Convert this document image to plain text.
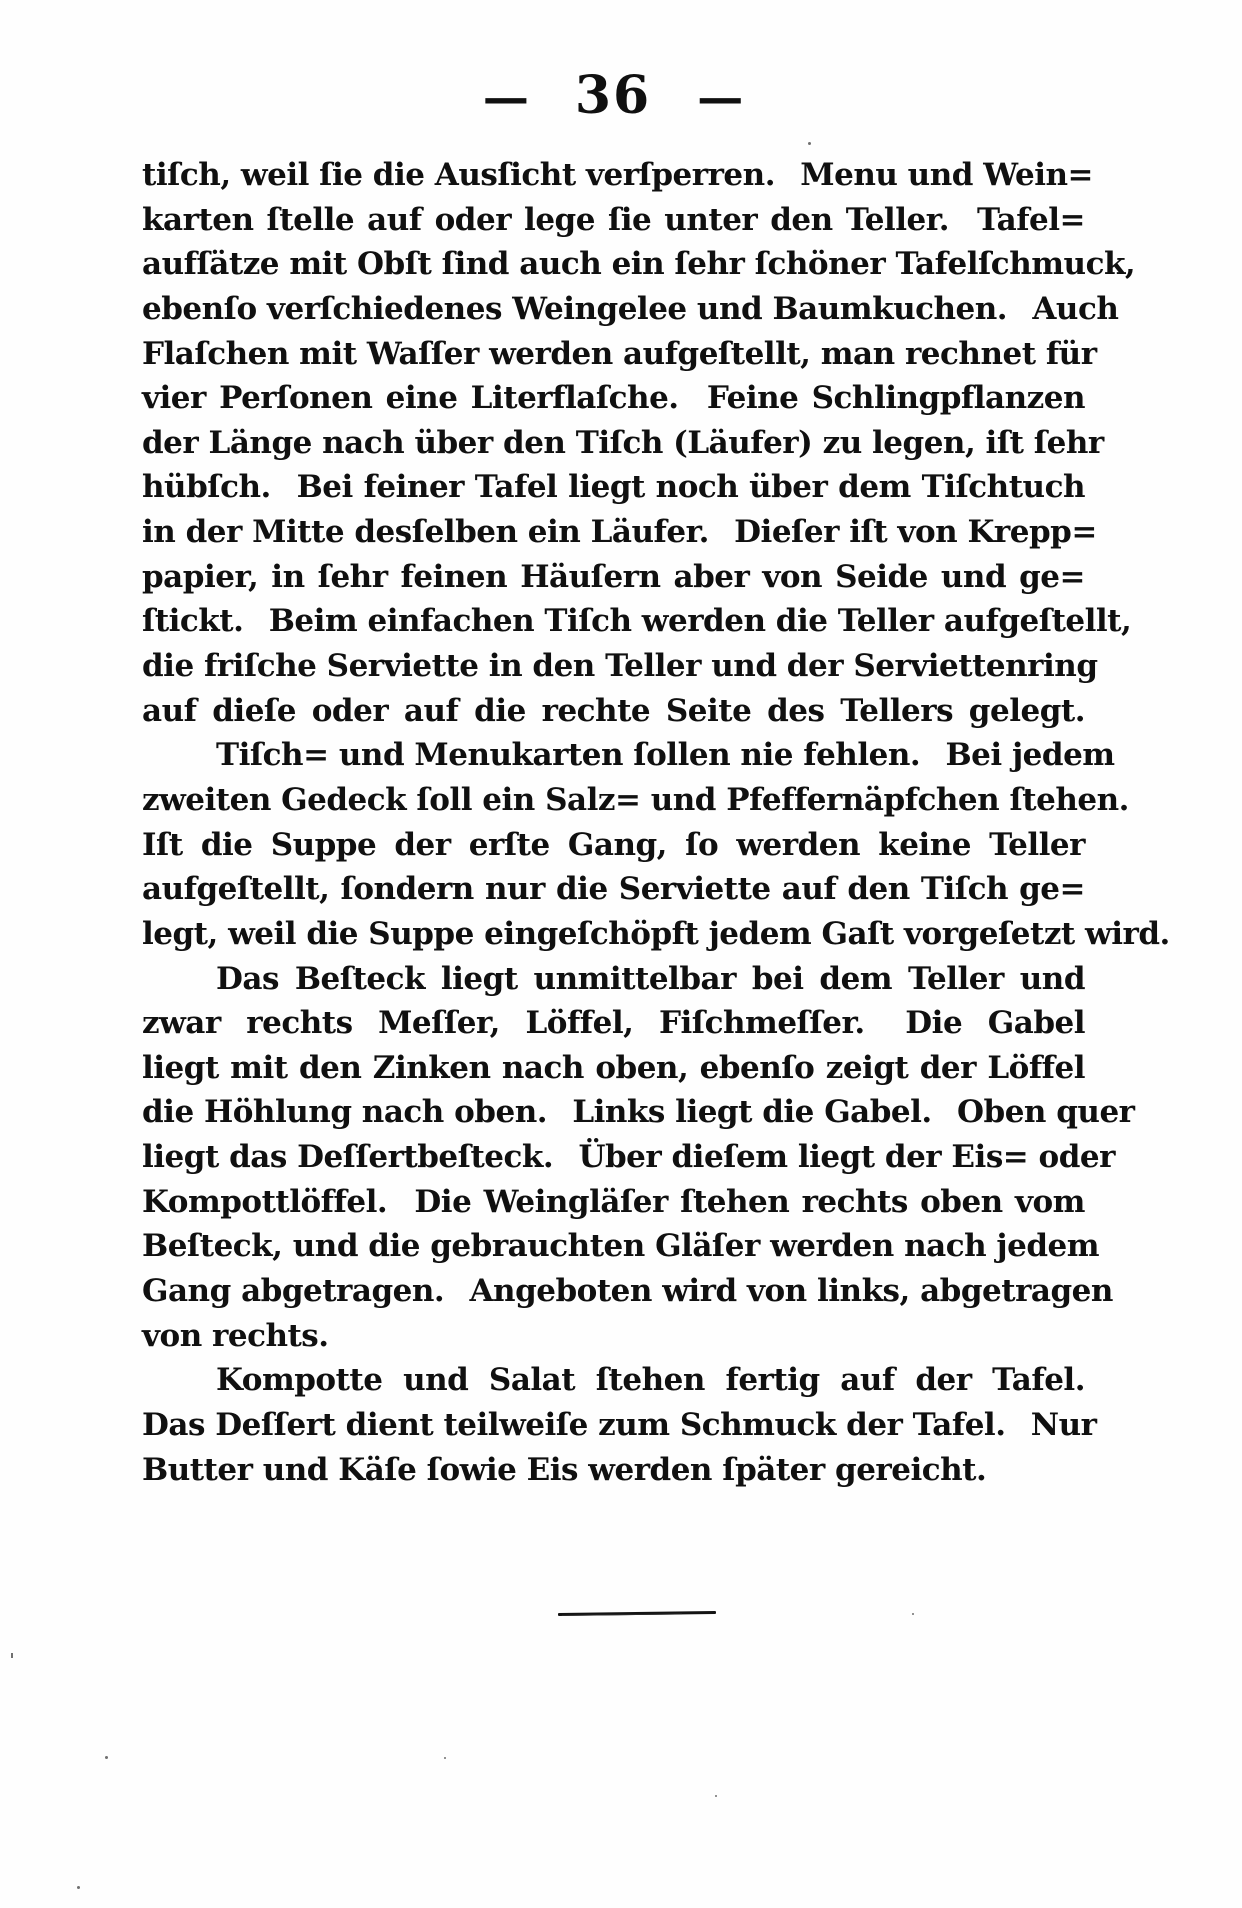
— 36 —
tiſch, weil ſie die Ausſicht verſperren.  Menu und Wein=
karten ſtelle auf oder lege ſie unter den Teller.  Tafel=
aufſätze mit Obſt ſind auch ein ſehr ſchöner Tafelſchmuck,
ebenſo verſchiedenes Weingelee und Baumkuchen.  Auch
Flaſchen mit Waſſer werden aufgeſtellt, man rechnet für
vier Perſonen eine Literflaſche.  Feine Schlingpflanzen
der Länge nach über den Tiſch (Läufer) zu legen, iſt ſehr
hübſch.  Bei feiner Tafel liegt noch über dem Tiſchtuch
in der Mitte desſelben ein Läufer.  Dieſer iſt von Krepp=
papier, in ſehr feinen Häuſern aber von Seide und ge=
ſtickt.  Beim einfachen Tiſch werden die Teller aufgeſtellt,
die friſche Serviette in den Teller und der Serviettenring
auf dieſe oder auf die rechte Seite des Tellers gelegt.
Tiſch= und Menukarten ſollen nie fehlen.  Bei jedem
zweiten Gedeck ſoll ein Salz= und Pfeffernäpfchen ſtehen.
Iſt die Suppe der erſte Gang, ſo werden keine Teller
aufgeſtellt, ſondern nur die Serviette auf den Tiſch ge=
legt, weil die Suppe eingeſchöpft jedem Gaſt vorgeſetzt wird.
Das Beſteck liegt unmittelbar bei dem Teller und
zwar rechts Meſſer, Löffel, Fiſchmeſſer.  Die Gabel
liegt mit den Zinken nach oben, ebenſo zeigt der Löffel
die Höhlung nach oben.  Links liegt die Gabel.  Oben quer
liegt das Deſſertbeſteck.  Über dieſem liegt der Eis= oder
Kompottlöffel.  Die Weingläſer ſtehen rechts oben vom
Beſteck, und die gebrauchten Gläſer werden nach jedem
Gang abgetragen.  Angeboten wird von links, abgetragen
von rechts.
Kompotte und Salat ſtehen fertig auf der Tafel.
Das Deſſert dient teilweiſe zum Schmuck der Tafel.  Nur
Butter und Käſe ſowie Eis werden ſpäter gereicht.
